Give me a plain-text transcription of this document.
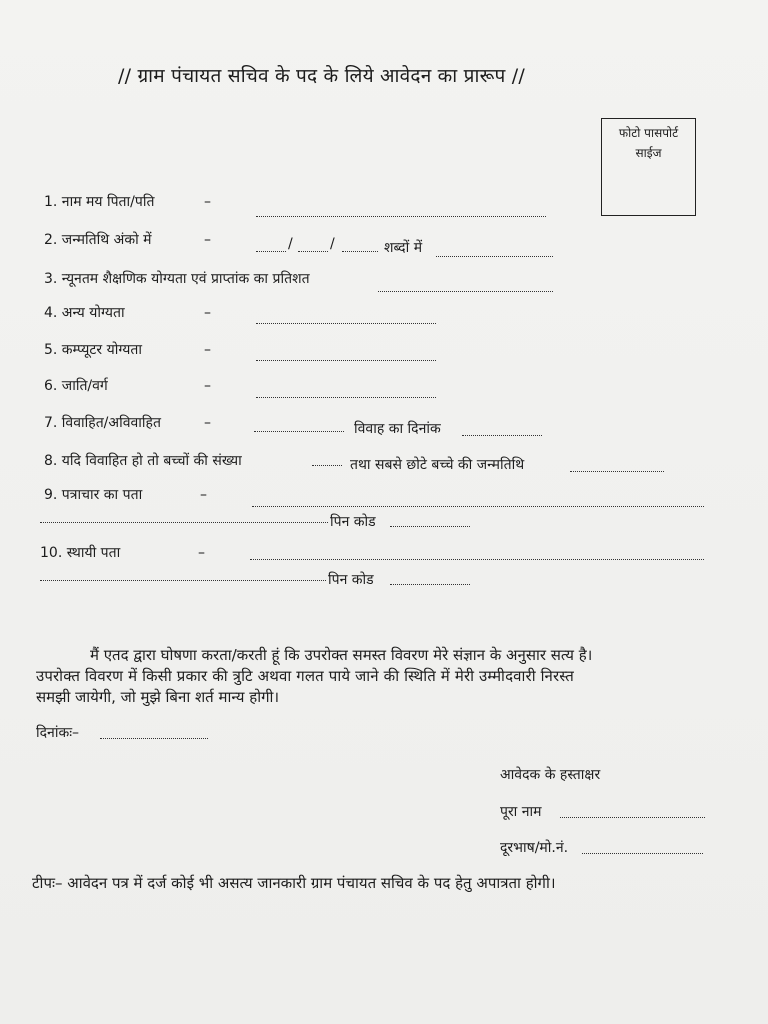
// ग्राम पंचायत सचिव के पद के लिये आवेदन का प्रारूप //
फोटो पासपोर्ट
साईज
1. नाम मय पिता/पति	–
2. जन्मतिथि अंको में	–	/	/	शब्दों में
3. न्यूनतम शैक्षणिक योग्यता एवं प्राप्तांक का प्रतिशत
4. अन्य योग्यता	–
5. कम्प्यूटर योग्यता	–
6. जाति/वर्ग	–
7. विवाहित/अविवाहित	–	विवाह का दिनांक
8. यदि विवाहित हो तो बच्चों की संख्या	तथा सबसे छोटे बच्चे की जन्मतिथि
9. पत्राचार का पता	–
पिन कोड
10. स्थायी पता	–
पिन कोड
मैं एतद द्वारा घोषणा करता/करती हूं कि उपरोक्त समस्त विवरण मेरे संज्ञान के अनुसार सत्य है।
उपरोक्त विवरण में किसी प्रकार की त्रुटि अथवा गलत पाये जाने की स्थिति में मेरी उम्मीदवारी निरस्त
समझी जायेगी, जो मुझे बिना शर्त मान्य होगी।
दिनांकः–
आवेदक के हस्ताक्षर
पूरा नाम
दूरभाष/मो.नं.
टीपः– आवेदन पत्र में दर्ज कोई भी असत्य जानकारी ग्राम पंचायत सचिव के पद हेतु अपात्रता होगी।
